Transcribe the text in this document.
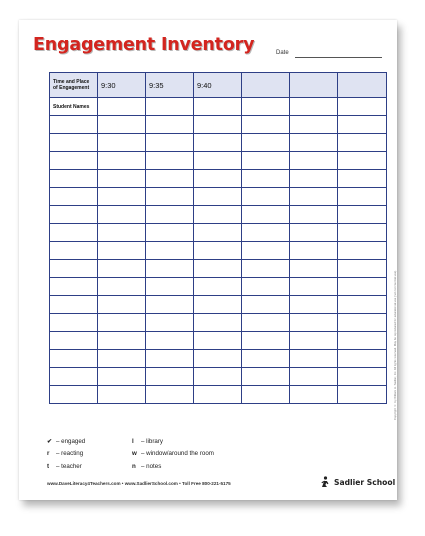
Engagement Inventory	Date
Time and Place of Engagement	9:30	9:35	9:40			
Student Names						

✔ – engaged	l	– library
r	– reacting	w – window/around the room
t	– teacher	n – notes
www.DaveLiteracy4Teachers.com • www.SadlierSchool.com • Toll Free 800-221-5175	Sadlier School
Copyright © by William H. Sadlier, Inc. All rights reserved. May be reproduced for educational use (not commercial use).
